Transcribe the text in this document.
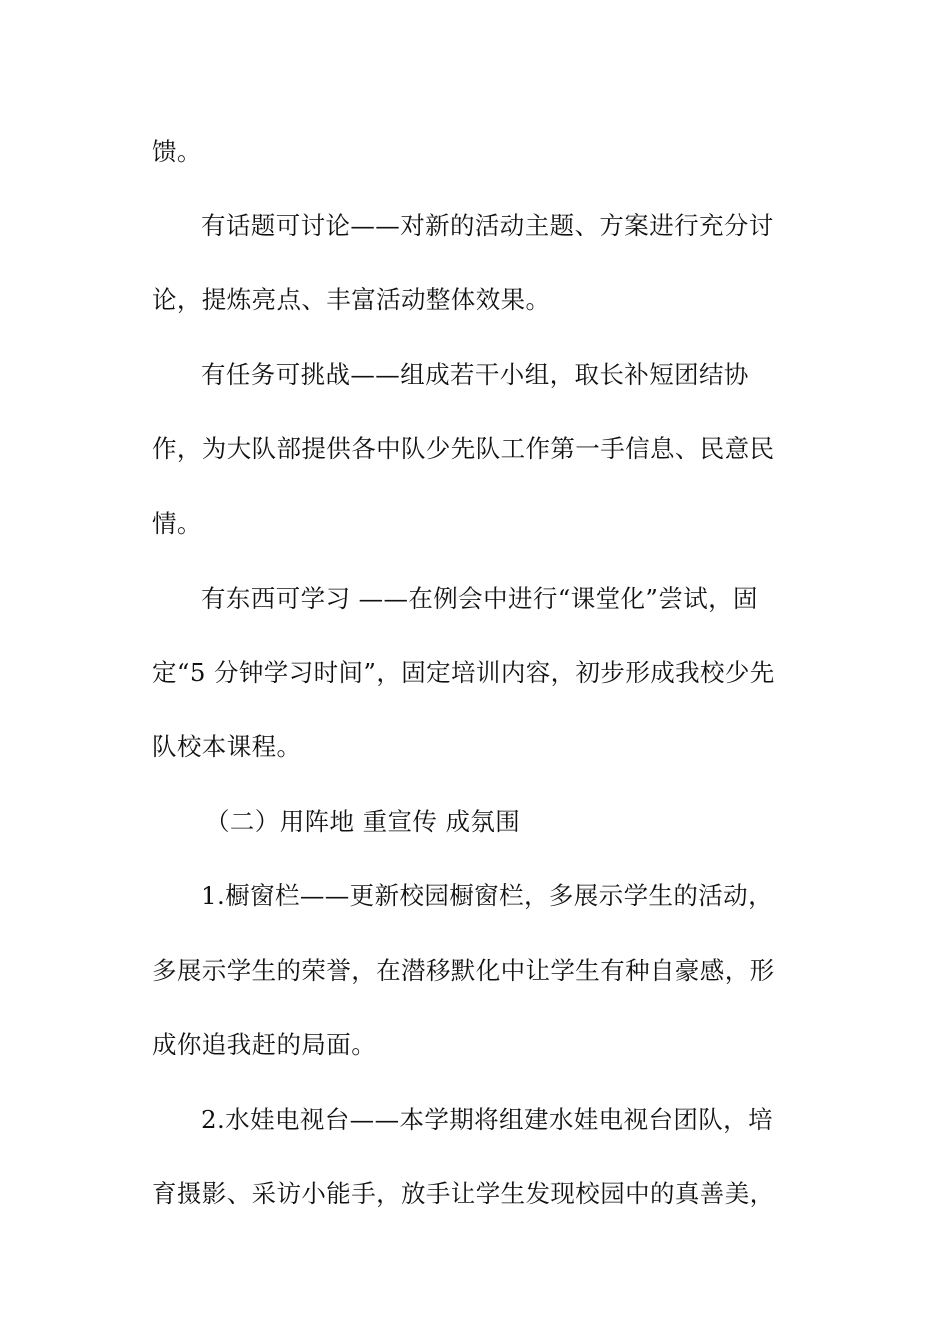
馈。
有话题可讨论——对新的活动主题、方案进行充分讨
论，提炼亮点、丰富活动整体效果。
有任务可挑战——组成若干小组，取长补短团结协
作，为大队部提供各中队少先队工作第一手信息、民意民
情。
有东西可学习 ——在例会中进行“课堂化”尝试，固
定“5 分钟学习时间”，固定培训内容，初步形成我校少先
队校本课程。
（二）用阵地 重宣传 成氛围
1.橱窗栏——更新校园橱窗栏，多展示学生的活动，
多展示学生的荣誉，在潜移默化中让学生有种自豪感，形
成你追我赶的局面。
2.水娃电视台——本学期将组建水娃电视台团队，培
育摄影、采访小能手，放手让学生发现校园中的真善美，
